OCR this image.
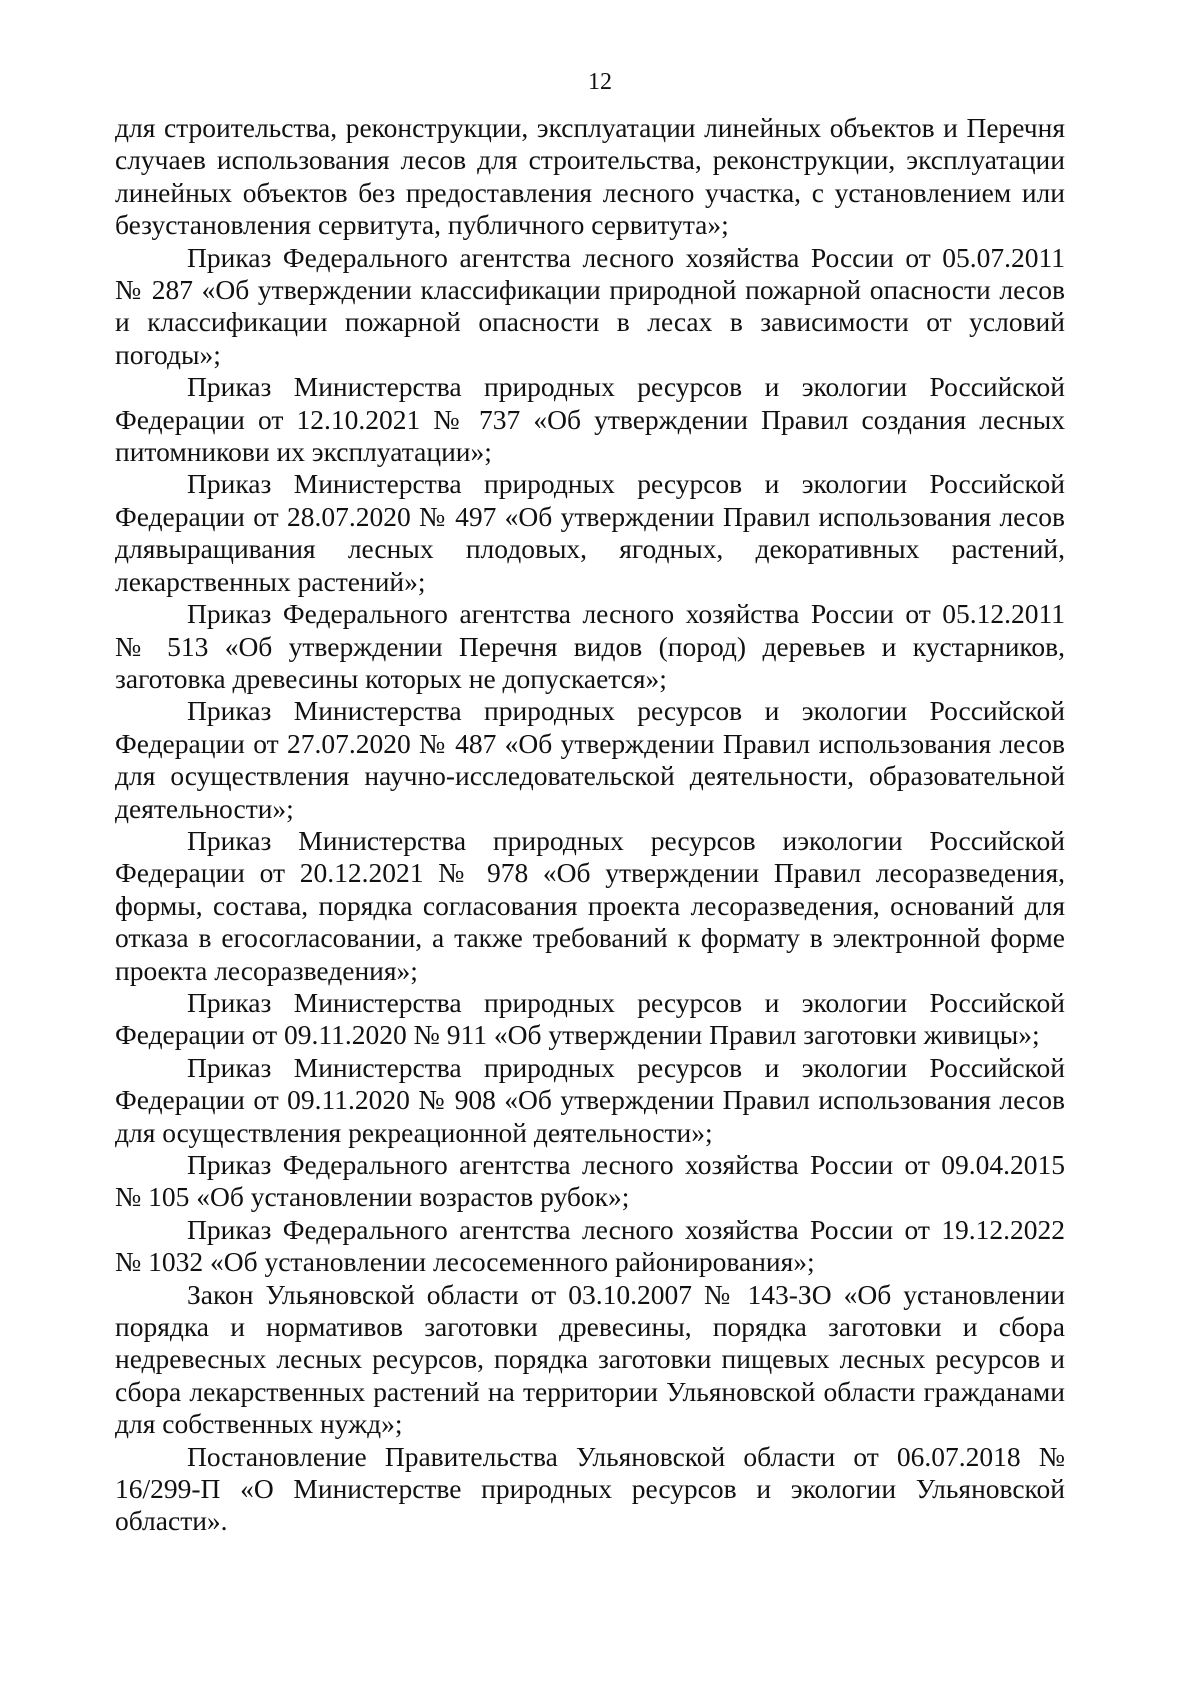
12

для строительства, реконструкции, эксплуатации линейных объектов и Перечня случаев использования лесов для строительства, реконструкции, эксплуатации линейных объектов без предоставления лесного участка, с установлением или безустановления сервитута, публичного сервитута»;

Приказ Федерального агентства лесного хозяйства России от 05.07.2011 № 287 «Об утверждении классификации природной пожарной опасности лесов и классификации пожарной опасности в лесах в зависимости от условий погоды»;

Приказ Министерства природных ресурсов и экологии Российской Федерации от 12.10.2021 № 737 «Об утверждении Правил создания лесных питомникови их эксплуатации»;

Приказ Министерства природных ресурсов и экологии Российской Федерации от 28.07.2020 № 497 «Об утверждении Правил использования лесов длявыращивания лесных плодовых, ягодных, декоративных растений, лекарственных растений»;

Приказ Федерального агентства лесного хозяйства России от 05.12.2011 № 513 «Об утверждении Перечня видов (пород) деревьев и кустарников, заготовка древесины которых не допускается»;

Приказ Министерства природных ресурсов и экологии Российской Федерации от 27.07.2020 № 487 «Об утверждении Правил использования лесов для осуществления научно-исследовательской деятельности, образовательной деятельности»;

Приказ Министерства природных ресурсов иэкологии Российской Федерации от 20.12.2021 № 978 «Об утверждении Правил лесоразведения, формы, состава, порядка согласования проекта лесоразведения, оснований для отказа в егосогласовании, а также требований к формату в электронной форме проекта лесоразведения»;

Приказ Министерства природных ресурсов и экологии Российской Федерации от 09.11.2020 № 911 «Об утверждении Правил заготовки живицы»;

Приказ Министерства природных ресурсов и экологии Российской Федерации от 09.11.2020 № 908 «Об утверждении Правил использования лесов для осуществления рекреационной деятельности»;

Приказ Федерального агентства лесного хозяйства России от 09.04.2015 № 105 «Об установлении возрастов рубок»;

Приказ Федерального агентства лесного хозяйства России от 19.12.2022 № 1032 «Об установлении лесосеменного районирования»;

Закон Ульяновской области от 03.10.2007 № 143-ЗО «Об установлении порядка и нормативов заготовки древесины, порядка заготовки и сбора недревесных лесных ресурсов, порядка заготовки пищевых лесных ресурсов и сбора лекарственных растений на территории Ульяновской области гражданами для собственных нужд»;

Постановление Правительства Ульяновской области от 06.07.2018 № 16/299-П «О Министерстве природных ресурсов и экологии Ульяновской области».
